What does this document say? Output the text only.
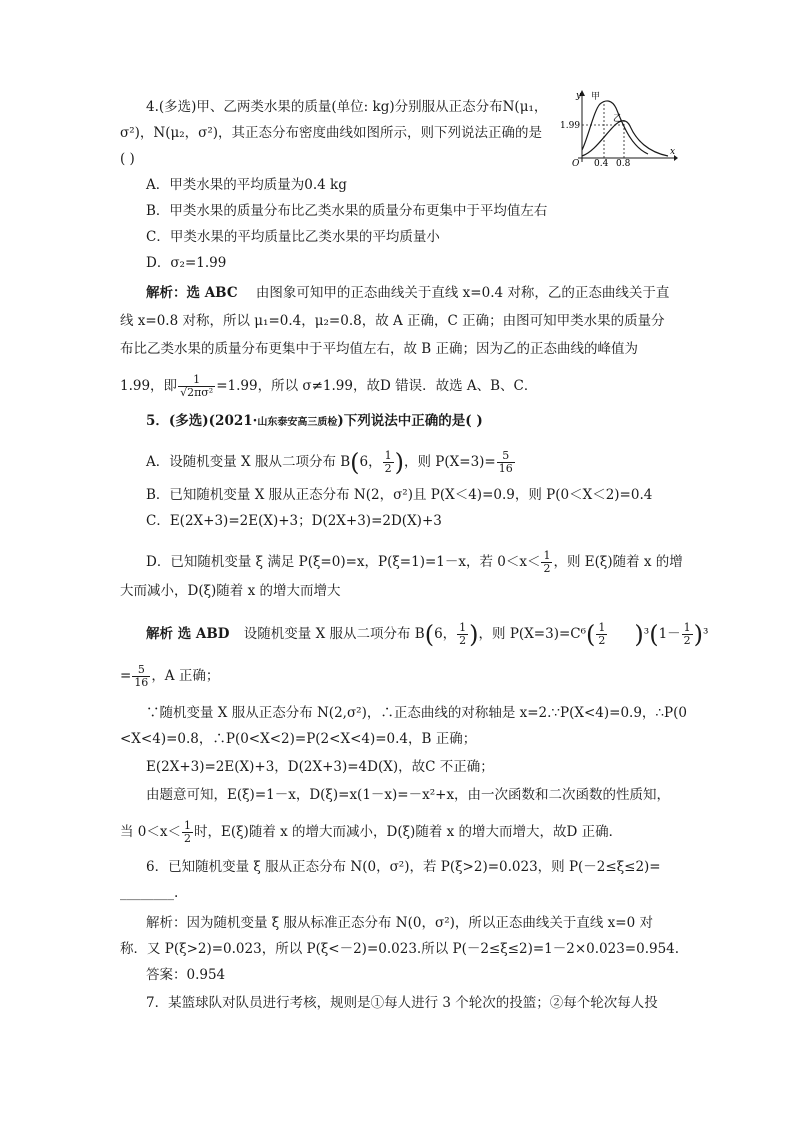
4.(多选)甲、乙两类水果的质量(单位: kg)分别服从正态分布N(μ₁，
σ²)，N(μ₂，σ²)，其正态分布密度曲线如图所示，则下列说法正确的是
( )
y 甲
乙
1.99
O 0.4 0.8
x
A．甲类水果的平均质量为0.4 kg
B．甲类水果的质量分布比乙类水果的质量分布更集中于平均值左右
C．甲类水果的平均质量比乙类水果的平均质量小
D．σ₂=1.99
解析：选 ABC 由图象可知甲的正态曲线关于直线 x=0.4 对称，乙的正态曲线关于直
线 x=0.8 对称，所以 μ₁=0.4，μ₂=0.8，故 A 正确，C 正确；由图可知甲类水果的质量分
布比乙类水果的质量分布更集中于平均值左右，故 B 正确；因为乙的正态曲线的峰值为
1.99，即 $\frac{1}{\text{√2πσ²}} =1.99$，所以 σ≠1.99，故D 错误．故选 A、B、C．
5．(多选)(2021·山东泰安高三质检)下列说法中正确的是( )
A．设随机变量 X 服从二项分布 B(6， $\frac{1}{2}$ )，则 $P(X=3)= \frac{5}{16}$
B．已知随机变量 X 服从正态分布 N(2，σ²)且 P(X＜4)=0.9，则 P(0＜X＜2)=0.4
C．E(2X+3)=2E(X)+3；D(2X+3)=2D(X)+3
D．已知随机变量 ξ 满足 P(ξ=0)=x，P(ξ=1)=1－x，若 $0<x< \frac{1}{2}$ ，则 E(ξ)随着 x 的增
大而减小，D(ξ)随着 x 的增大而增大
解析 选 ABD 设随机变量 X 服从二项分布 B(6， $\frac{1}{2}$ )，则 $P(X=3)=C^6( \frac{1}{2} )^3(1- \frac{1}{2} )^3$
= $\frac{5}{16}$ ，A 正确；
∵随机变量 X 服从正态分布 N(2,σ²)，∴正态曲线的对称轴是 x=2.∵P(X<4)=0.9，∴P(0
<X<4)=0.8，∴P(0<X<2)=P(2<X<4)=0.4，B 正确；
E(2X+3)=2E(X)+3，D(2X+3)=4D(X)，故C 不正确；
由题意可知，E(ξ)=1－x，D(ξ)=x(1－x)=－x²+x，由一次函数和二次函数的性质知，
当 $0<x< \frac{1}{2}$ 时，E(ξ)随着 x 的增大而减小，D(ξ)随着 x 的增大而增大，故D 正确．
6．已知随机变量 ξ 服从正态分布 N(0，σ²)，若 P(ξ>2)=0.023，则 P(－2≤ξ≤2)=
________.
解析：因为随机变量 ξ 服从标准正态分布 N(0，σ²)，所以正态曲线关于直线 x=0 对
称．又 P(ξ>2)=0.023，所以 P(ξ<－2)=0.023.所以 P(－2≤ξ≤2)=1－2×0.023=0.954.
答案：0.954
7．某篮球队对队员进行考核，规则是①每人进行 3 个轮次的投篮；②每个轮次每人投
